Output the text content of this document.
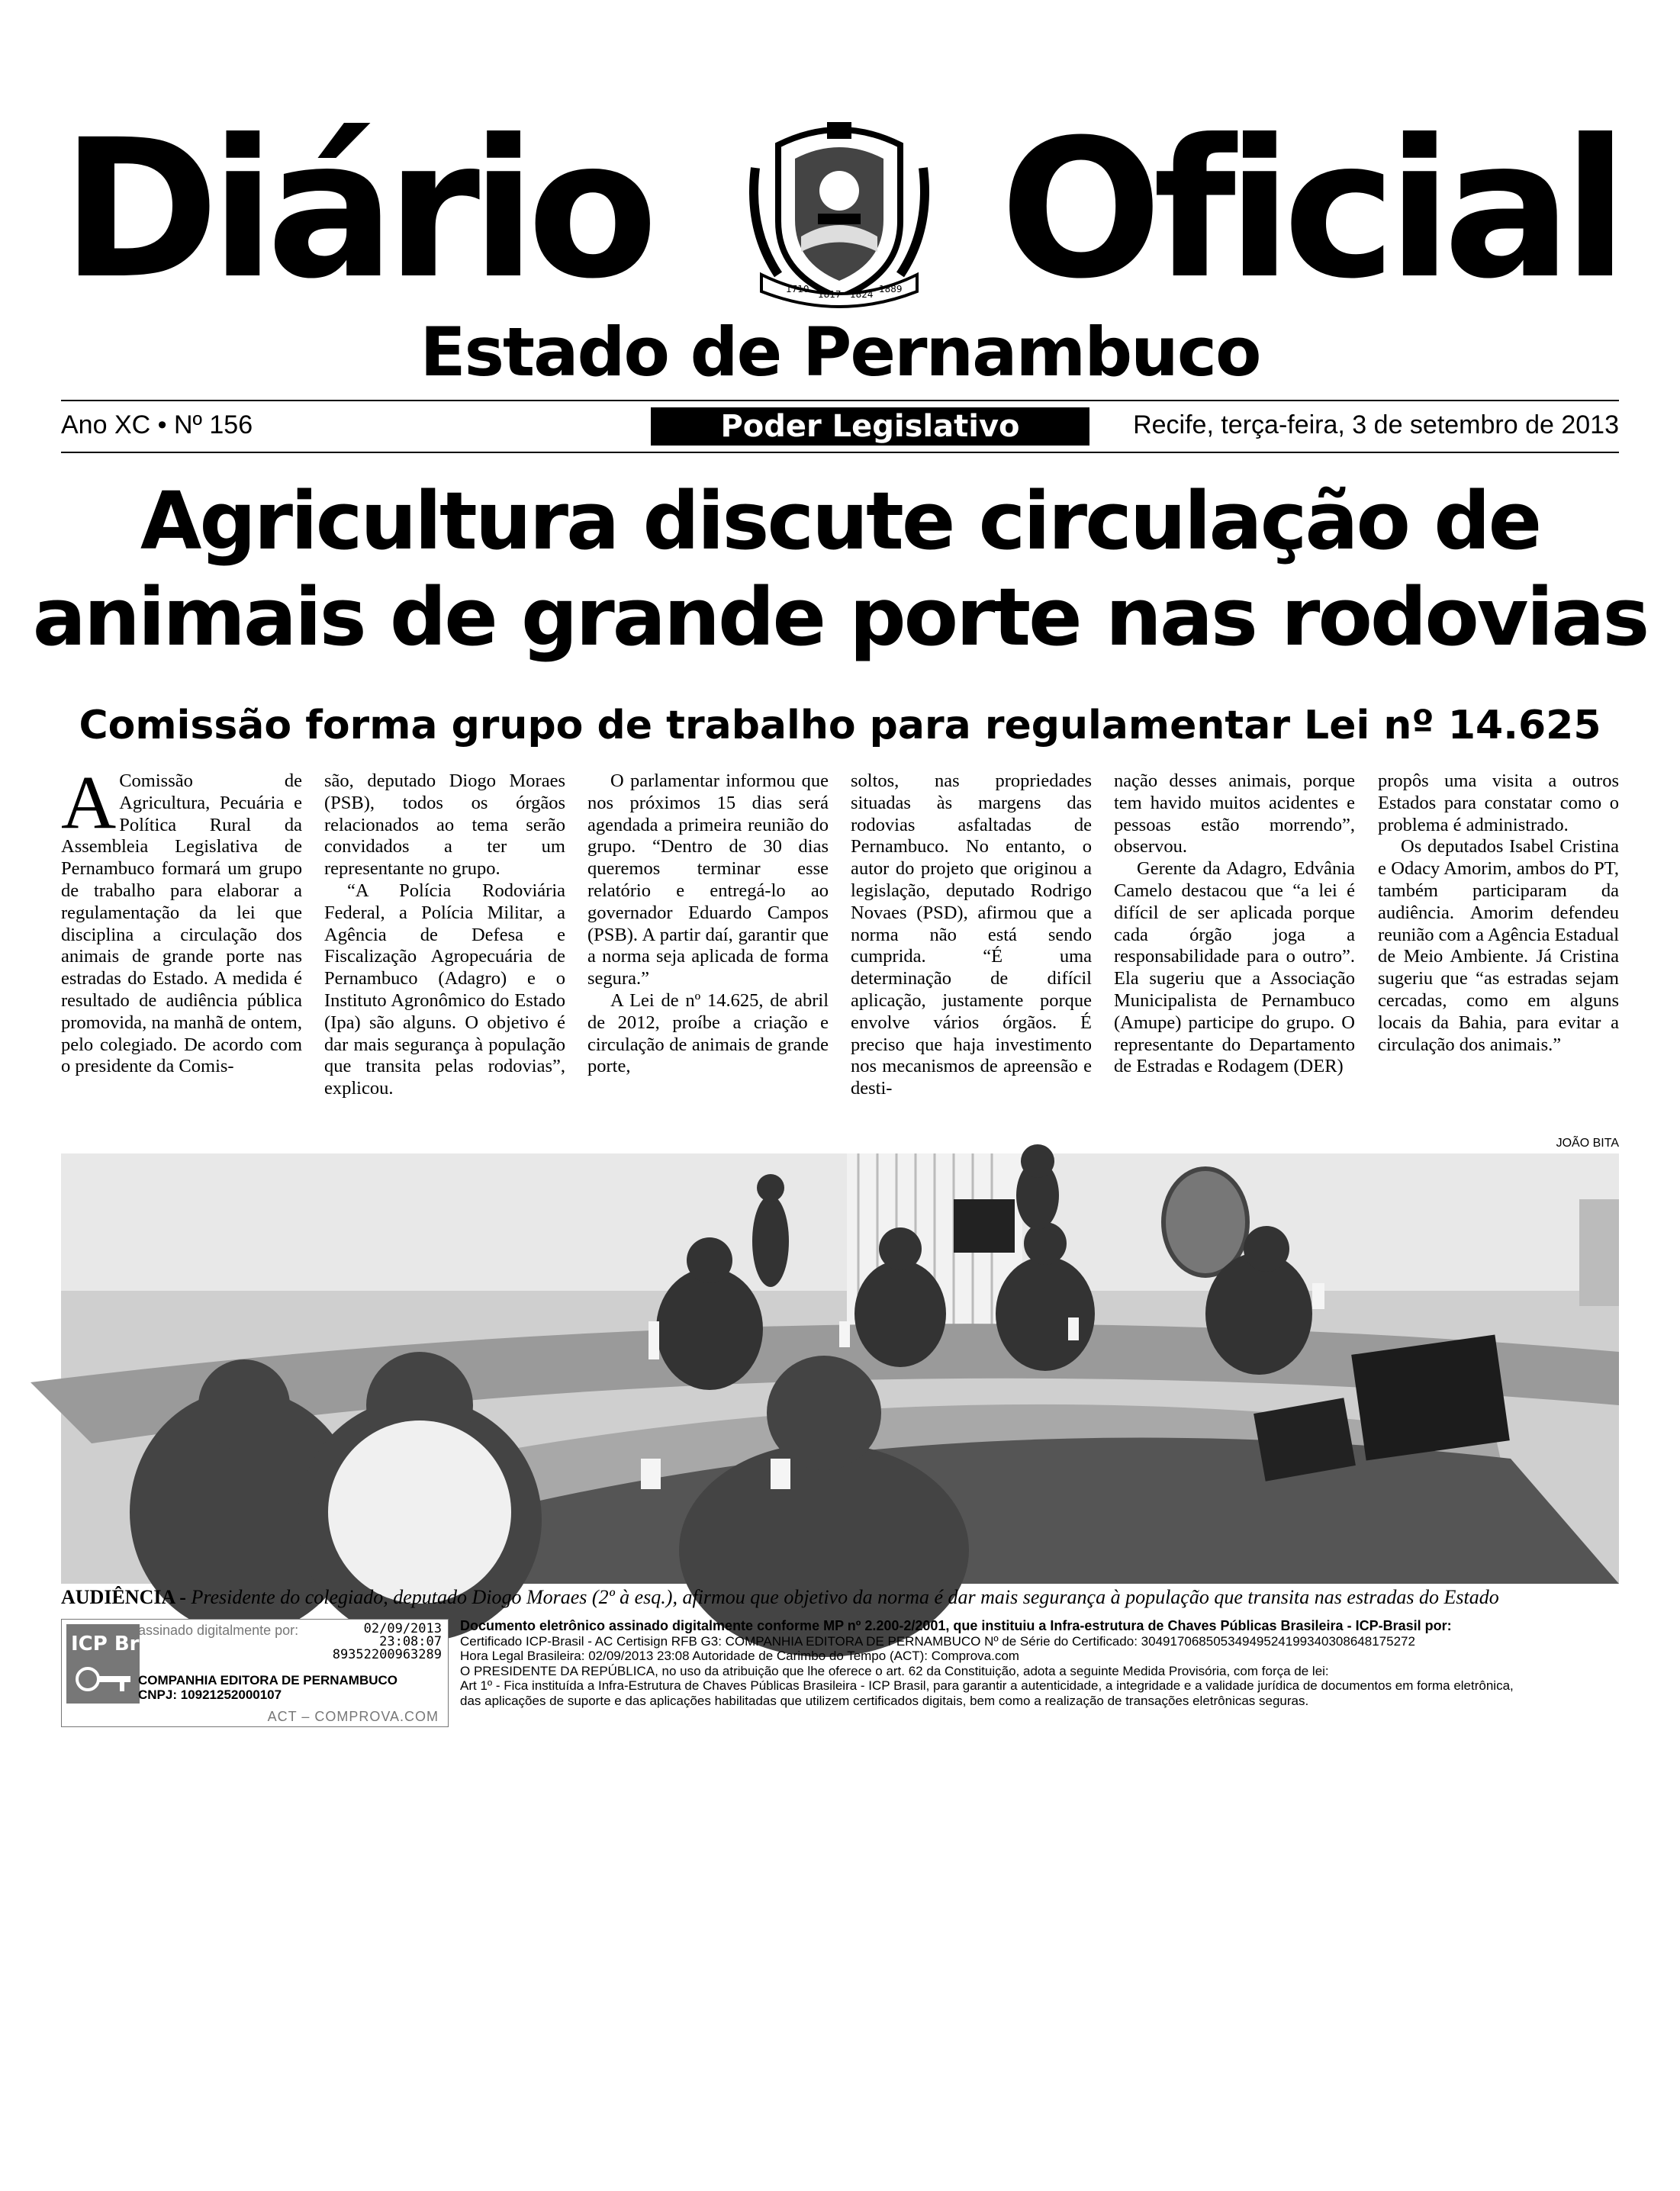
Diário	1710 1817 1824 1889 Oficial
Estado de Pernambuco
Ano XC • Nº 156	Poder Legislativo	Recife, terça-feira, 3 de setembro de 2013
Agricultura discute circulação de
animais de grande porte nas rodovias
Comissão forma grupo de trabalho para regulamentar Lei nº 14.625

A Comissão de Agricultura, Pecuária e Política Rural da Assembleia Legislativa de Pernambuco formará um grupo de trabalho para elaborar a regulamentação da lei que disciplina a circulação dos animais de grande porte nas estradas do Estado. A medida é resultado de audiência pública promovida, na manhã de ontem, pelo colegiado. De acordo com o presidente da Comis-

são, deputado Diogo Moraes (PSB), todos os órgãos relacionados ao tema serão convidados a ter um representante no grupo.

“A Polícia Rodoviária Federal, a Polícia Militar, a Agência de Defesa e Fiscalização Agropecuária de Pernambuco (Adagro) e o Instituto Agronômico do Estado (Ipa) são alguns. O objetivo é dar mais segurança à população que transita pelas rodovias”, explicou.

O parlamentar informou que nos próximos 15 dias será agendada a primeira reunião do grupo. “Dentro de 30 dias queremos terminar esse relatório e entregá-lo ao governador Eduardo Campos (PSB). A partir daí, garantir que a norma seja aplicada de forma segura.”

A Lei de nº 14.625, de abril de 2012, proíbe a criação e circulação de animais de grande porte,

soltos, nas propriedades situadas às margens das rodovias asfaltadas de Pernambuco. No entanto, o autor do projeto que originou a legislação, deputado Rodrigo Novaes (PSD), afirmou que a norma não está sendo cumprida. “É uma determinação de difícil aplicação, justamente porque envolve vários órgãos. É preciso que haja investimento nos mecanismos de apreensão e desti-

nação desses animais, porque tem havido muitos acidentes e pessoas estão morrendo”, observou.

Gerente da Adagro, Edvânia Camelo destacou que “a lei é difícil de ser aplicada porque cada órgão joga a responsabilidade para o outro”. Ela sugeriu que a Associação Municipalista de Pernambuco (Amupe) participe do grupo. O representante do Departamento de Estradas e Rodagem (DER)

propôs uma visita a outros Estados para constatar como o problema é administrado.

Os deputados Isabel Cristina e Odacy Amorim, ambos do PT, também participaram da audiência. Amorim defendeu reunião com a Agência Estadual de Meio Ambiente. Já Cristina sugeriu que “as estradas sejam cercadas, como em alguns locais da Bahia, para evitar a circulação dos animais.”

JOÃO BITA
AUDIÊNCIA - Presidente do colegiado, deputado Diogo Moraes (2º à esq.), afirmou que objetivo da norma é dar mais segurança à população que transita nas estradas do Estado
ICP Brasil
assinado digitalmente por:	02/09/2013
23:08:07
89352200963289
COMPANHIA EDITORA DE PERNAMBUCO
CNPJ: 10921252000107
ACT – COMPROVA.COM
Documento eletrônico assinado digitalmente conforme MP nº 2.200-2/2001, que instituiu a Infra-estrutura de Chaves Públicas Brasileira - ICP-Brasil por:
Certificado ICP-Brasil - AC Certisign RFB G3: COMPANHIA EDITORA DE PERNAMBUCO Nº de Série do Certificado: 30491706850534949524199340308648175272
Hora Legal Brasileira: 02/09/2013 23:08 Autoridade de Carimbo do Tempo (ACT): Comprova.com
O PRESIDENTE DA REPÚBLICA, no uso da atribuição que lhe oferece o art. 62 da Constituição, adota a seguinte Medida Provisória, com força de lei:
Art 1º - Fica instituída a Infra-Estrutura de Chaves Públicas Brasileira - ICP Brasil, para garantir a autenticidade, a integridade e a validade jurídica de documentos em forma eletrônica,
das aplicações de suporte e das aplicações habilitadas que utilizem certificados digitais, bem como a realização de transações eletrônicas seguras.
